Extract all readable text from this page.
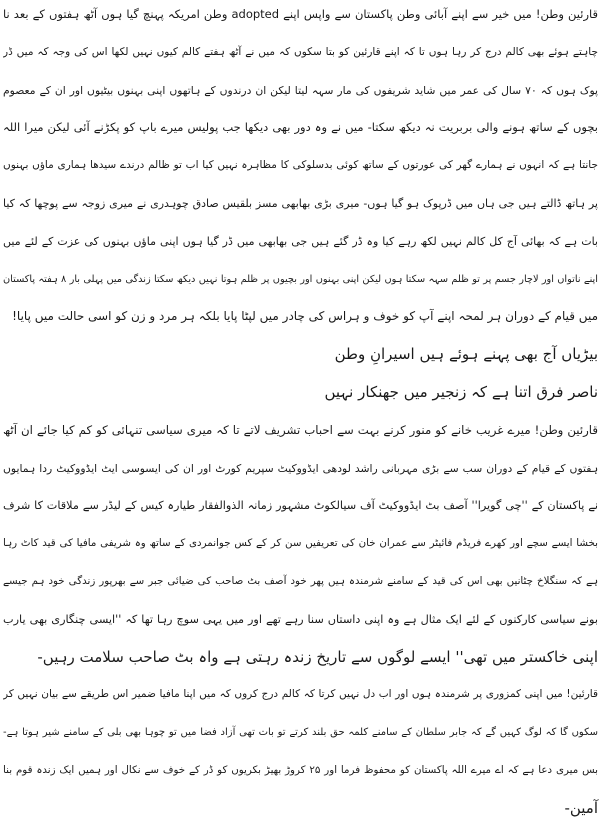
قارئین وطن! میں خیر سے اپنے آبائی وطن پاکستان سے واپس اپنے adopted وطن امریکہ پہنچ گیا ہوں آٹھ ہفتوں کے بعد نا
چاہتے ہوئے بھی کالم درج کر رہا ہوں تا کہ اپنے قارئین کو بتا سکوں کہ میں نے آٹھ ہفتے کالم کیوں نہیں لکھا اس کی وجہ کہ میں ڈر
پوک ہوں کہ ۷۰ سال کی عمر میں شاید شریفوں کی مار سہہ لیتا لیکن ان درندوں کے ہاتھوں اپنی بہنوں بیٹیوں اور ان کے معصوم
بچوں کے ساتھ ہونے والی بربریت نہ دیکھ سکتا- میں نے وہ دور بھی دیکھا جب پولیس میرے باپ کو پکڑنے آئی لیکن میرا اللہ
جانتا ہے کہ انہوں نے ہمارے گھر کی عورتوں کے ساتھ کوئی بدسلوکی کا مظاہرہ نہیں کیا اب تو ظالم درندے سیدھا ہماری ماؤں بہنوں
پر ہاتھ ڈالتے ہیں جی ہاں میں ڈرپوک ہو گیا ہوں- میری بڑی بھابھی مسز بلقیس صادق چوہدری نے میری زوجہ سے پوچھا کہ کیا
بات ہے کہ بھائی آج کل کالم نہیں لکھ رہے کیا وہ ڈر گئے ہیں جی بھابھی میں ڈر گیا ہوں اپنی ماؤں بہنوں کی عزت کے لئے میں
اپنے ناتواں اور لاچار جسم پر تو ظلم سہہ سکتا ہوں لیکن اپنی بہنوں اور بچیوں پر ظلم ہوتا نہیں دیکھ سکتا زندگی میں پہلی بار ۸ ہفتہ پاکستان
میں قیام کے دوران ہر لمحہ اپنے آپ کو خوف و ہراس کی چادر میں لپٹا پایا بلکہ ہر مرد و زن کو اسی حالت میں پایا!
بیڑیاں آج بھی پہنے ہوئے ہیں اسیرانِ وطن
ناصر فرق اتنا ہے کہ زنجیر میں جھنکار نہیں
قارئین وطن! میرے غریب خانے کو منور کرنے بہت سے احباب تشریف لاتے تا کہ میری سیاسی تنہائی کو کم کیا جائے ان آٹھ
ہفتوں کے قیام کے دوران سب سے بڑی مہربانی راشد لودھی ایڈووکیٹ سپریم کورٹ اور ان کی ایسوسی ایٹ ایڈووکیٹ ردا ہمایوں
نے پاکستان کے ''چی گویرا'' آصف بٹ ایڈووکیٹ آف سیالکوٹ مشہور زمانہ الذوالفقار طیارہ کیس کے لیڈر سے ملاقات کا شرف
بخشا ایسے سچے اور کھرے فریڈم فائیٹر سے عمران خان کی تعریفیں سن کر کے کس جوانمردی کے ساتھ وہ شریفی مافیا کی قید کاٹ رہا
ہے کہ سنگلاخ چٹانیں بھی اس کی قید کے سامنے شرمندہ ہیں پھر خود آصف بٹ صاحب کی ضیائی جبر سے بھرپور زندگی خود ہم جیسے
بونے سیاسی کارکنوں کے لئے ایک مثال ہے وہ اپنی داستاں سنا رہے تھے اور میں یہی سوچ رہا تھا کہ ''ایسی چنگاری بھی یارب
اپنی خاکستر میں تھی'' ایسے لوگوں سے تاریخ زندہ رہتی ہے واہ بٹ صاحب سلامت رہیں-
قارئین! میں اپنی کمزوری پر شرمندہ ہوں اور اب دل نہیں کرتا کہ کالم درج کروں کہ میں اپنا مافیا ضمیر اس طریقے سے بیان نہیں کر
سکوں گا کہ لوگ کہیں گے کہ جابر سلطان کے سامنے کلمہ حق بلند کرتے تو بات تھی آزاد فضا میں تو چوہا بھی بلی کے سامنے شیر ہوتا ہے-
بس میری دعا ہے کہ اے میرے اللہ پاکستان کو محفوظ فرما اور ۲۵ کروڑ بھیڑ بکریوں کو ڈر کے خوف سے نکال اور ہمیں ایک زندہ قوم بنا
آمین-
